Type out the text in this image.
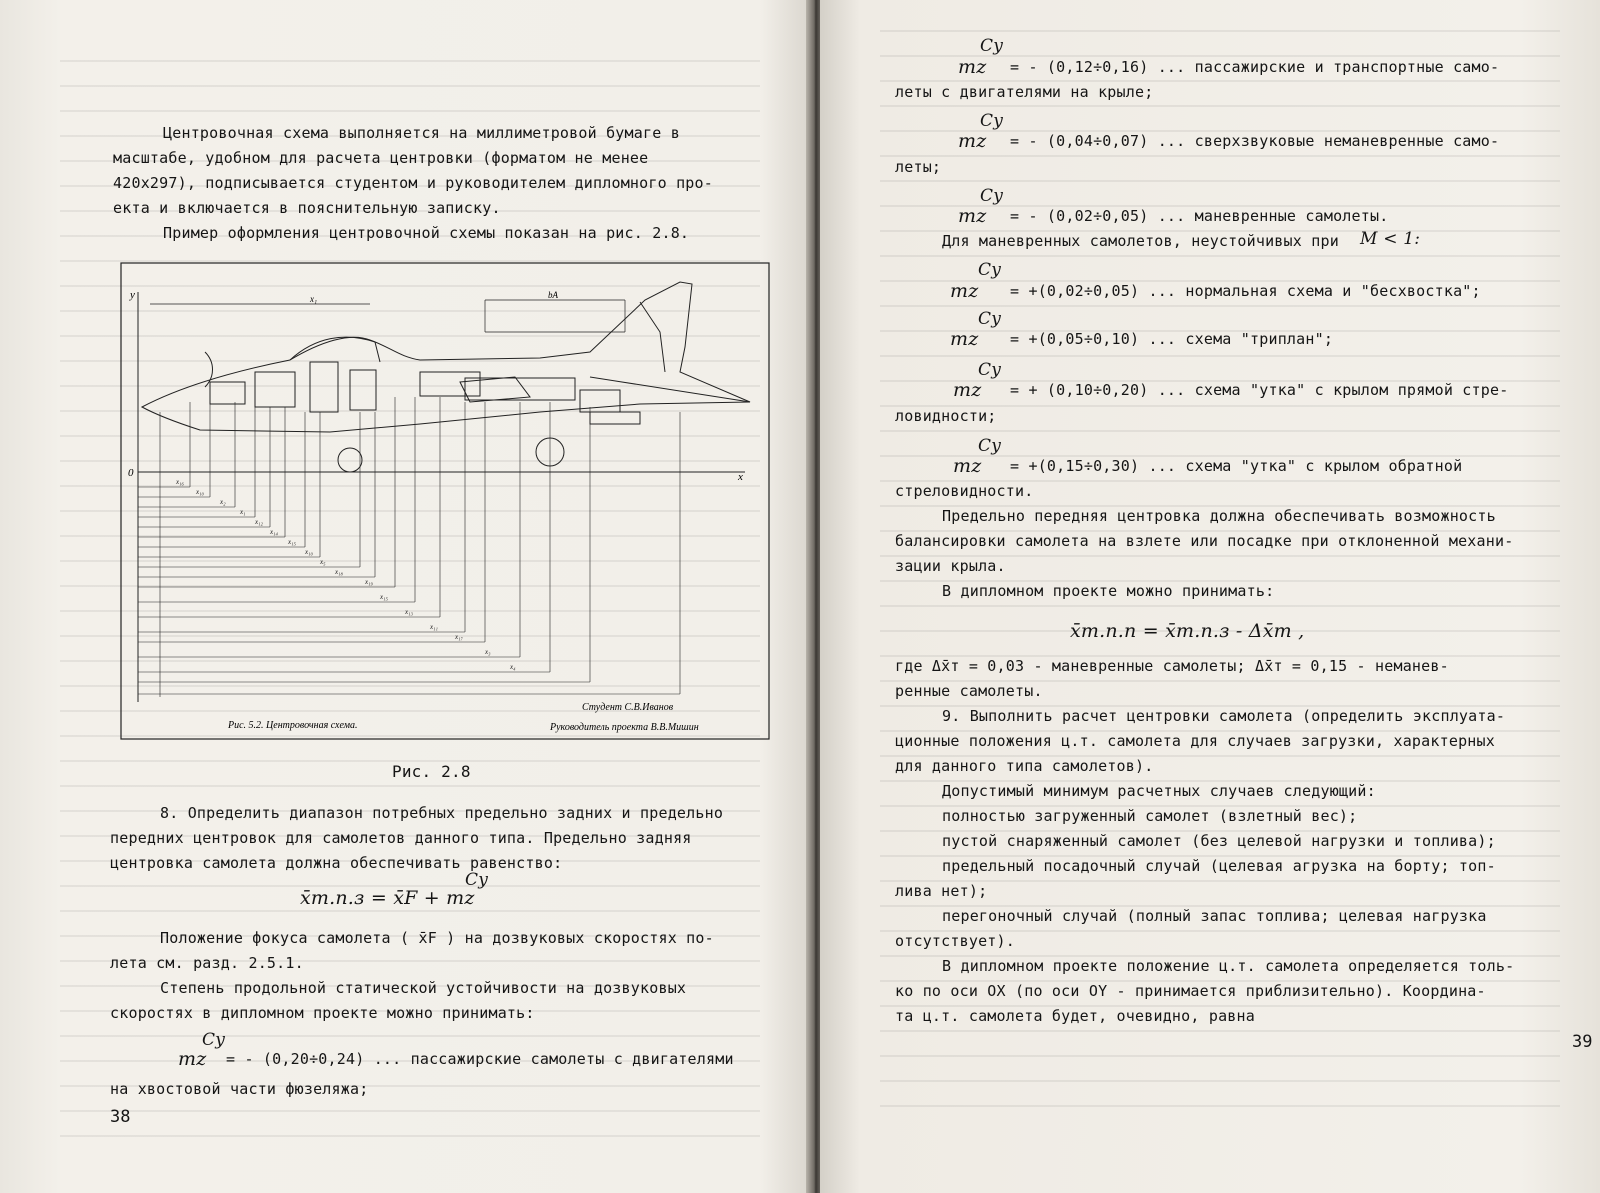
Центровочная схема выполняется на миллиметровой бумаге в
масштабе, удобном для расчета центровки (форматом не менее
420x297), подписывается студентом и руководителем дипломного про-
екта и включается в пояснительную записку.
Пример оформления центровочной схемы показан на рис. 2.8.
y
x
0
x₁	bА
x₁₆
x₁₀
x₂
x₁
x₁₂
x₁₄
x₁₅
x₁₀
x₅
x₁₈
x₁₉
x₁₅
x₁₃
x₁₁
x₁₇
x₃
x₄
Рис. 5.2. Центровочная схема.
Студент С.В.Иванов
Руководитель проекта В.В.Мишин
Рис. 2.8
8. Определить диапазон потребных предельно задних и предельно
передних центровок для самолетов данного типа. Предельно задняя
центровка самолета должна обеспечивать равенство:
x̄т.п.з = x̄F + mz
Cy
Положение фокуса самолета ( x̄F ) на дозвуковых скоростях по-
лета см. разд. 2.5.1.
Степень продольной статической устойчивости на дозвуковых
скоростях в дипломном проекте можно принимать:
mz
Cy
= - (0,20÷0,24) ... пассажирские самолеты с двигателями
на хвостовой части фюзеляжа;
38
mz
Cy
= - (0,12÷0,16) ... пассажирские и транспортные само-
леты с двигателями на крыле;
mz
Cy
= - (0,04÷0,07) ... сверхзвуковые неманевренные само-
леты;
mz
Cy
= - (0,02÷0,05) ... маневренные самолеты.
Для маневренных самолетов, неустойчивых при M < 1:
mz
Cy
= +(0,02÷0,05) ... нормальная схема и "бесхвостка";
mz
Cy
= +(0,05÷0,10) ... схема "триплан";
mz
Cy
= + (0,10÷0,20) ... схема "утка" с крылом прямой стре-
ловидности;
mz
Cy
= +(0,15÷0,30) ... схема "утка" с крылом обратной
стреловидности.
Предельно передняя центровка должна обеспечивать возможность
балансировки самолета на взлете или посадке при отклоненной механи-
зации крыла.
В дипломном проекте можно принимать:
x̄т.п.п = x̄т.п.з - Δx̄т ,
где Δx̄т = 0,03 - маневренные самолеты; Δx̄т = 0,15 - неманев-
ренные самолеты.
9. Выполнить расчет центровки самолета (определить эксплуата-
ционные положения ц.т. самолета для случаев загрузки, характерных
для данного типа самолетов).
Допустимый минимум расчетных случаев следующий:
полностью загруженный самолет (взлетный вес);
пустой снаряженный самолет (без целевой нагрузки и топлива);
предельный посадочный случай (целевая агрузка на борту; топ-
лива нет);
перегоночный случай (полный запас топлива; целевая нагрузка
отсутствует).
В дипломном проекте положение ц.т. самолета определяется толь-
ко по оси OX (по оси OY - принимается приблизительно). Координа-
та ц.т. самолета будет, очевидно, равна
39
